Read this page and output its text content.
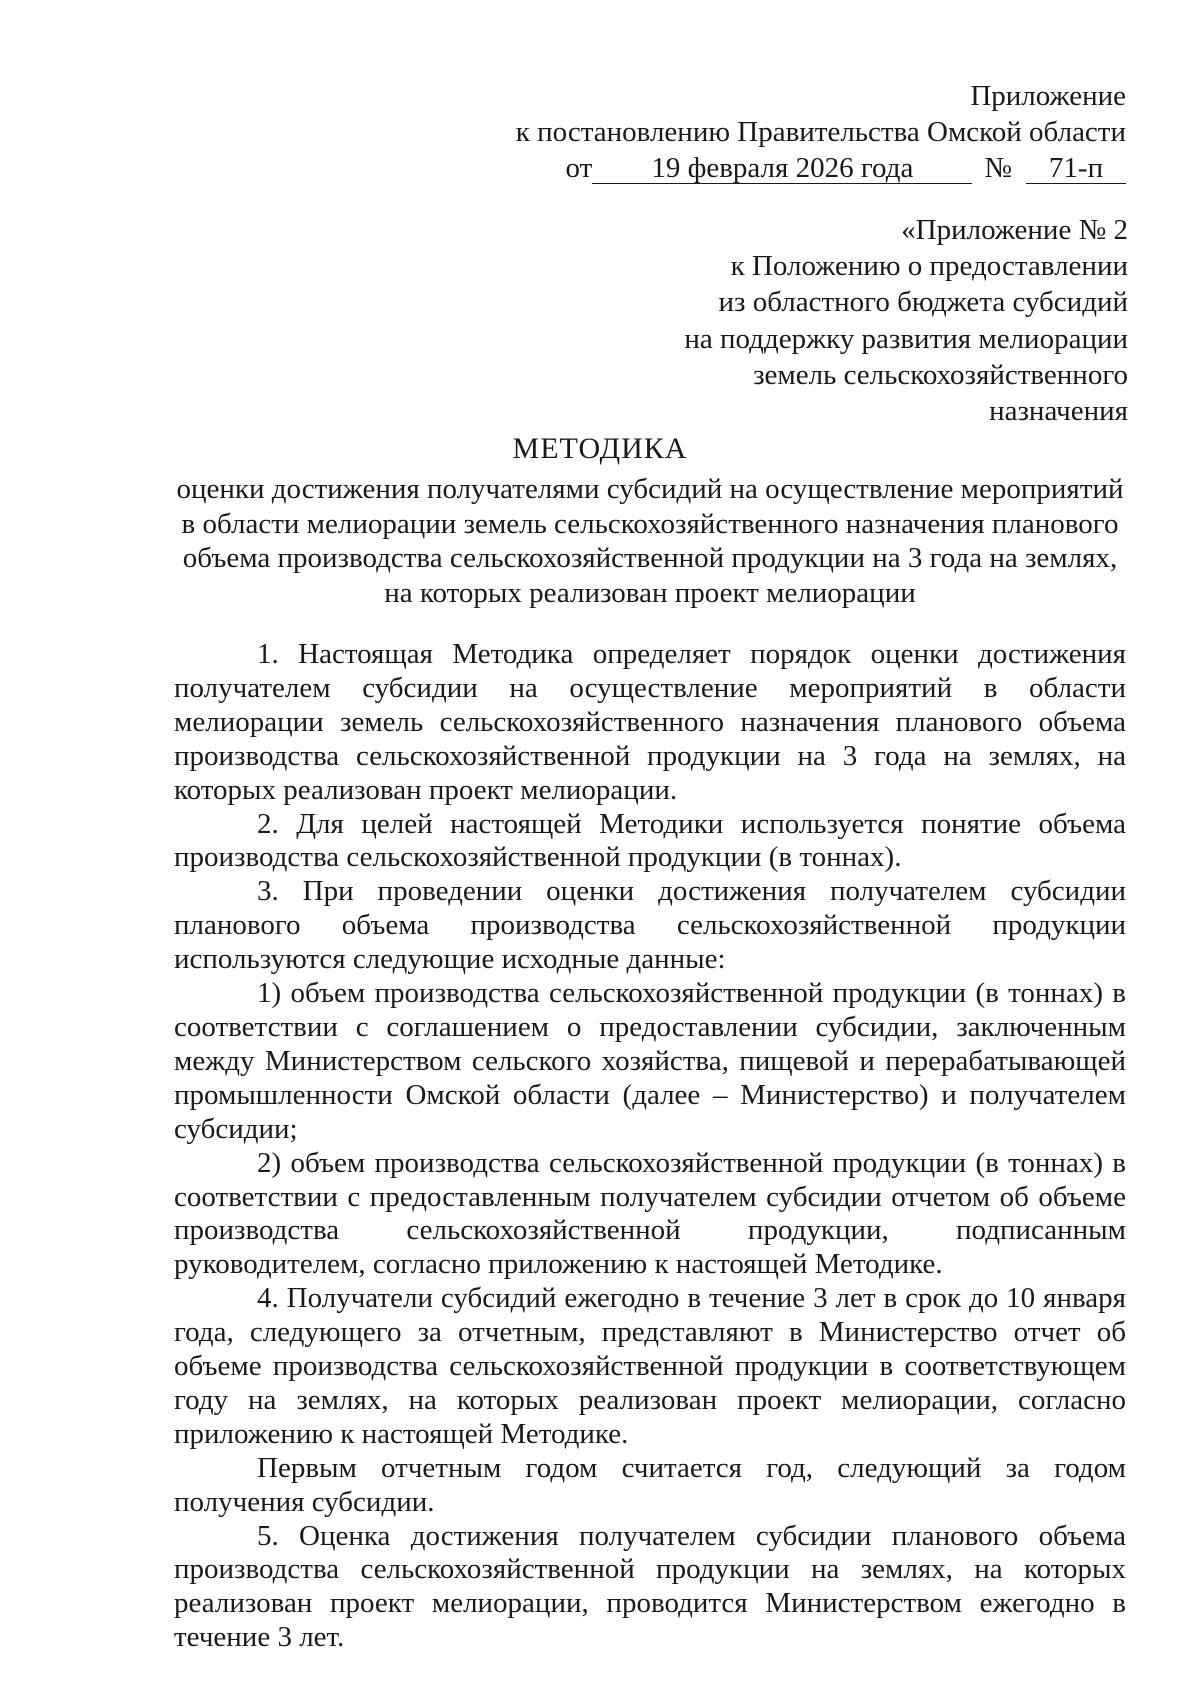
Приложение
к постановлению Правительства Омской области
от 19 февраля 2026 года № 71-п
«Приложение № 2
к Положению о предоставлении
из областного бюджета субсидий
на поддержку развития мелиорации
земель сельскохозяйственного
назначения
МЕТОДИКА
оценки достижения получателями субсидий на осуществление мероприятий
в области мелиорации земель сельскохозяйственного назначения планового
объема производства сельскохозяйственной продукции на 3 года на землях,
на которых реализован проект мелиорации

1. Настоящая Методика определяет порядок оценки достижения получателем субсидии на осуществление мероприятий в области мелиорации земель сельскохозяйственного назначения планового объема производства сельскохозяйственной продукции на 3 года на землях, на которых реализован проект мелиорации.

2. Для целей настоящей Методики используется понятие объема производства сельскохозяйственной продукции (в тоннах).

3. При проведении оценки достижения получателем субсидии планового объема производства сельскохозяйственной продукции используются следующие исходные данные:

1) объем производства сельскохозяйственной продукции (в тоннах) в соответствии с соглашением о предоставлении субсидии, заключенным между Министерством сельского хозяйства, пищевой и перерабатывающей промышленности Омской области (далее – Министерство) и получателем субсидии;

2) объем производства сельскохозяйственной продукции (в тоннах) в соответствии с предоставленным получателем субсидии отчетом об объеме производства сельскохозяйственной продукции, подписанным руководителем, согласно приложению к настоящей Методике.

4. Получатели субсидий ежегодно в течение 3 лет в срок до 10 января года, следующего за отчетным, представляют в Министерство отчет об объеме производства сельскохозяйственной продукции в соответствующем году на землях, на которых реализован проект мелиорации, согласно приложению к настоящей Методике.

Первым отчетным годом считается год, следующий за годом получения субсидии.

5. Оценка достижения получателем субсидии планового объема производства сельскохозяйственной продукции на землях, на которых реализован проект мелиорации, проводится Министерством ежегодно в течение 3 лет.
